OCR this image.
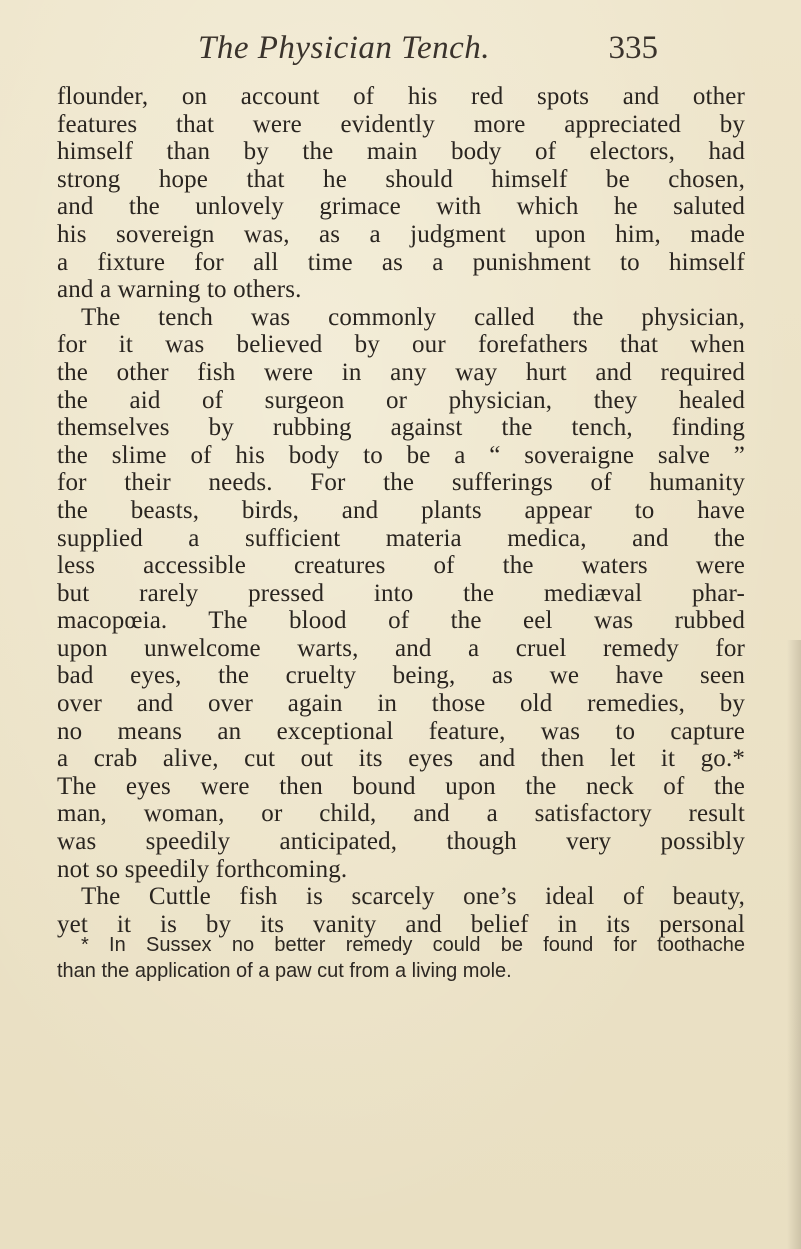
The Physician Tench.	335
flounder, on account of his red spots and other
features that were evidently more appreciated by
himself than by the main body of electors, had
strong hope that he should himself be chosen,
and the unlovely grimace with which he saluted
his sovereign was, as a judgment upon him, made
a fixture for all time as a punishment to himself
and a warning to others.
The tench was commonly called the physician,
for it was believed by our forefathers that when
the other fish were in any way hurt and required
the aid of surgeon or physician, they healed
themselves by rubbing against the tench, finding
the slime of his body to be a “ soveraigne salve ”
for their needs. For the sufferings of humanity
the beasts, birds, and plants appear to have
supplied a sufficient materia medica, and the
less accessible creatures of the waters were
but rarely pressed into the mediæval phar-
macopœia. The blood of the eel was rubbed
upon unwelcome warts, and a cruel remedy for
bad eyes, the cruelty being, as we have seen
over and over again in those old remedies, by
no means an exceptional feature, was to capture
a crab alive, cut out its eyes and then let it go.*
The eyes were then bound upon the neck of the
man, woman, or child, and a satisfactory result
was speedily anticipated, though very possibly
not so speedily forthcoming.
The Cuttle fish is scarcely one’s ideal of beauty,
yet it is by its vanity and belief in its personal
* In Sussex no better remedy could be found for toothache
than the application of a paw cut from a living mole.
